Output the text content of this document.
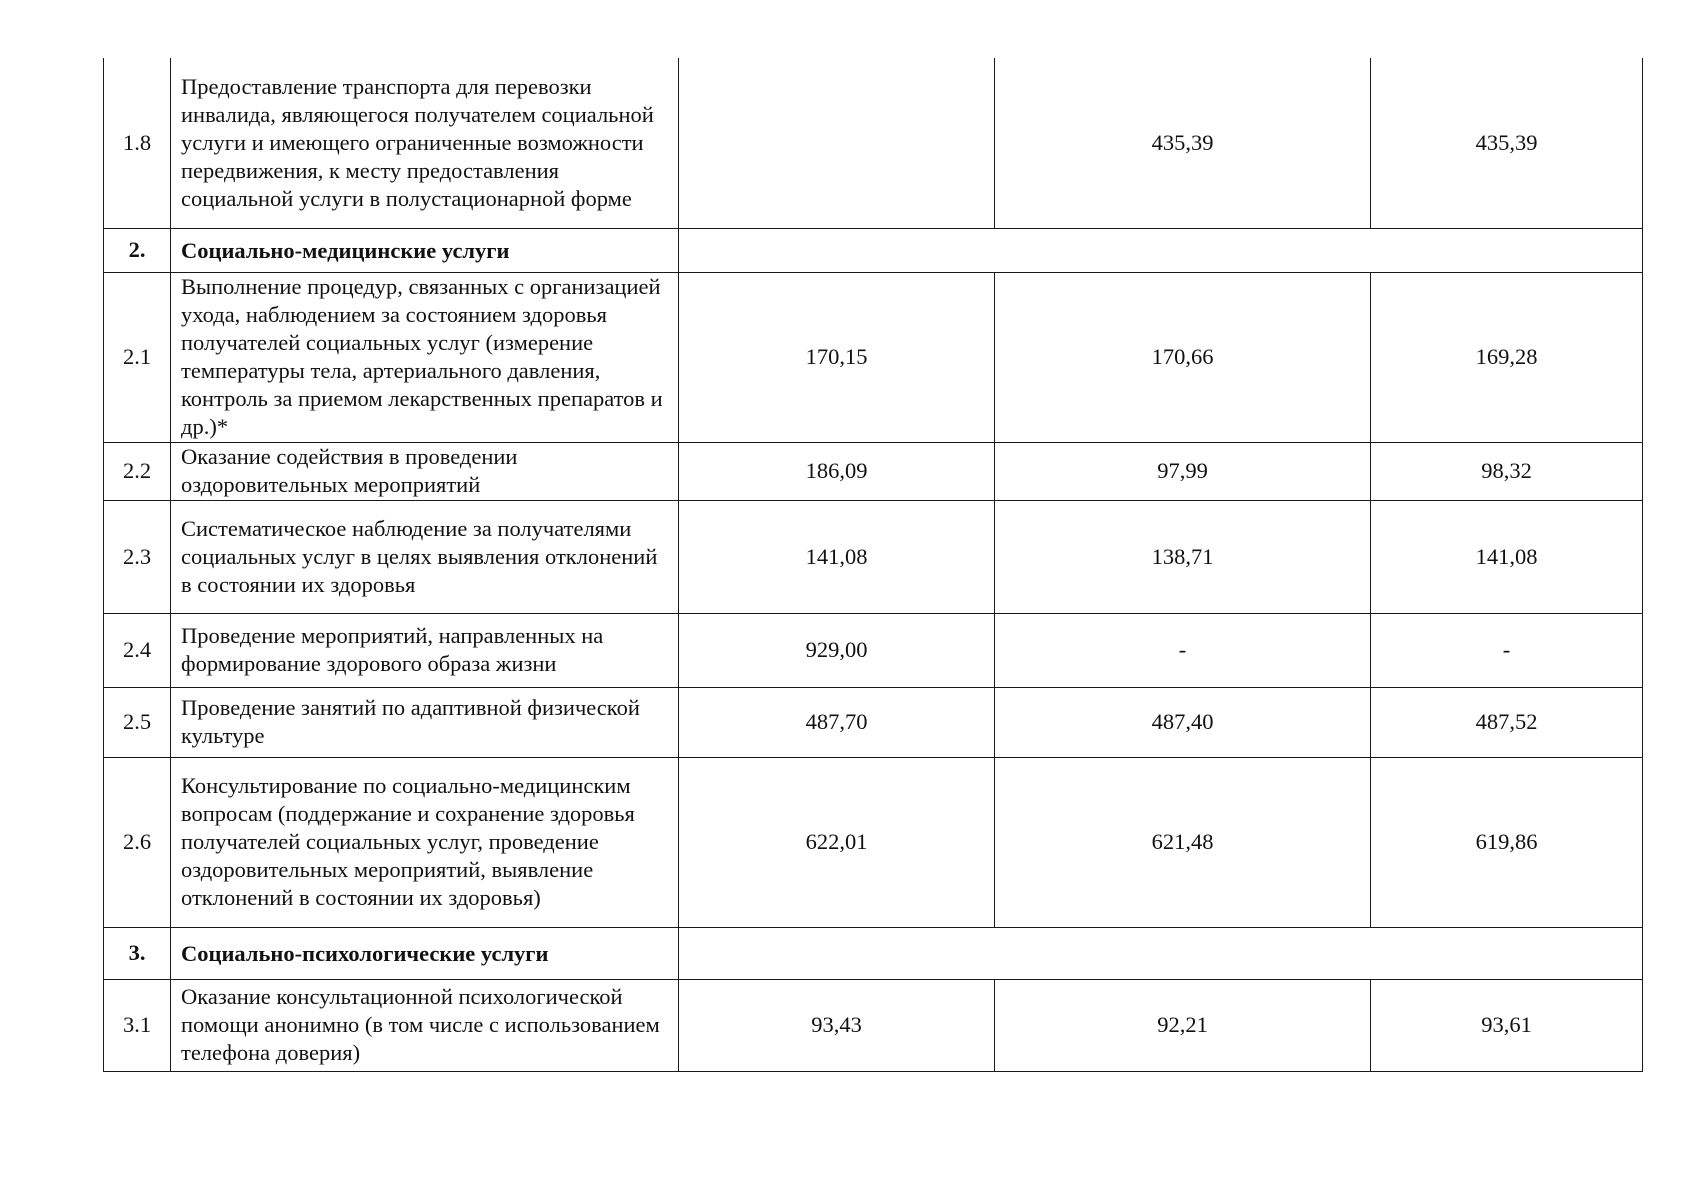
1.8	Предоставление транспорта для перевозки инвалида, являющегося получателем социальной услуги и имеющего ограниченные возможности передвижения, к месту предоставления социальной услуги в полустационарной форме		435,39	435,39
2.	Социально-медицинские услуги			
2.1	Выполнение процедур, связанных с организацией ухода, наблюдением за состоянием здоровья получателей социальных услуг (измерение температуры тела, артериального давления, контроль за приемом лекарственных препаратов и др.)*	170,15	170,66	169,28
2.2	Оказание содействия в проведении оздоровительных мероприятий	186,09	97,99	98,32
2.3	Систематическое наблюдение за получателями социальных услуг в целях выявления отклонений в состоянии их здоровья	141,08	138,71	141,08
2.4	Проведение мероприятий, направленных на формирование здорового образа жизни	929,00	-	-
2.5	Проведение занятий по адаптивной физической культуре	487,70	487,40	487,52
2.6	Консультирование по социально-медицинским вопросам (поддержание и сохранение здоровья получателей социальных услуг, проведение оздоровительных мероприятий, выявление отклонений в состоянии их здоровья)	622,01	621,48	619,86
3.	Социально-психологические услуги			
3.1	Оказание консультационной психологической помощи анонимно (в том числе с использованием телефона доверия)	93,43	92,21	93,61
